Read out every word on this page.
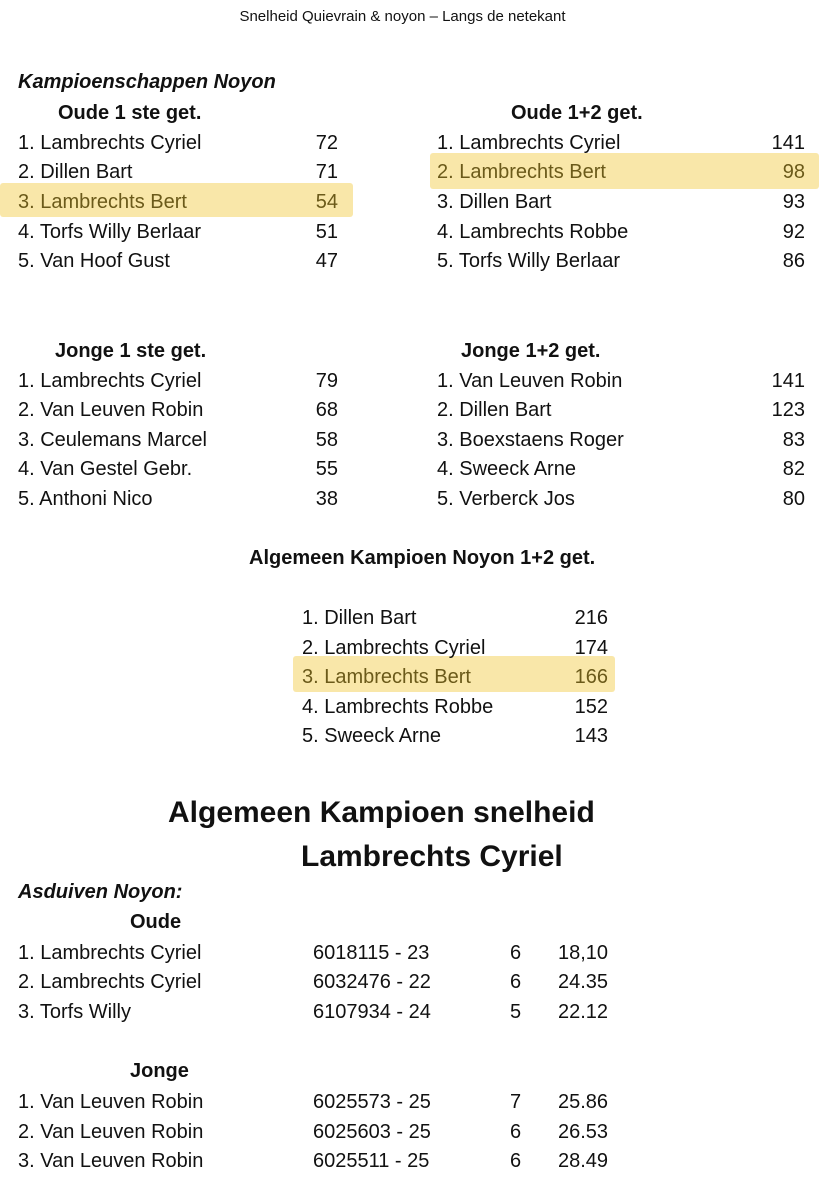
Snelheid Quievrain & noyon – Langs de netekant
Kampioenschappen Noyon
Oude 1 ste get.
1. Lambrechts Cyriel	72
2. Dillen Bart	71
3. Lambrechts Bert	54
4. Torfs Willy Berlaar	51
5. Van Hoof Gust	47
Oude 1+2 get.
1. Lambrechts Cyriel	141
2. Lambrechts Bert	98
3. Dillen Bart	93
4. Lambrechts Robbe	92
5. Torfs Willy Berlaar	86
Jonge 1 ste get.
1. Lambrechts Cyriel	79
2. Van Leuven Robin	68
3. Ceulemans Marcel	58
4. Van Gestel Gebr.	55
5. Anthoni Nico	38
Jonge 1+2 get.
1. Van Leuven Robin	141
2. Dillen Bart	123
3. Boexstaens Roger	83
4. Sweeck Arne	82
5. Verberck Jos	80
Algemeen Kampioen Noyon 1+2 get.
1. Dillen Bart	216
2. Lambrechts Cyriel	174
3. Lambrechts Bert	166
4. Lambrechts Robbe	152
5. Sweeck Arne	143
Algemeen Kampioen snelheid
Lambrechts Cyriel
Asduiven Noyon:
Oude
1. Lambrechts Cyriel	6018115 - 23	6 18,10
2. Lambrechts Cyriel	6032476 - 22	6 24.35
3. Torfs Willy	6107934 - 24	5 22.12
Jonge
1. Van Leuven Robin	6025573 - 25	7 25.86
2. Van Leuven Robin	6025603 - 25	6 26.53
3. Van Leuven Robin	6025511 - 25	6 28.49
